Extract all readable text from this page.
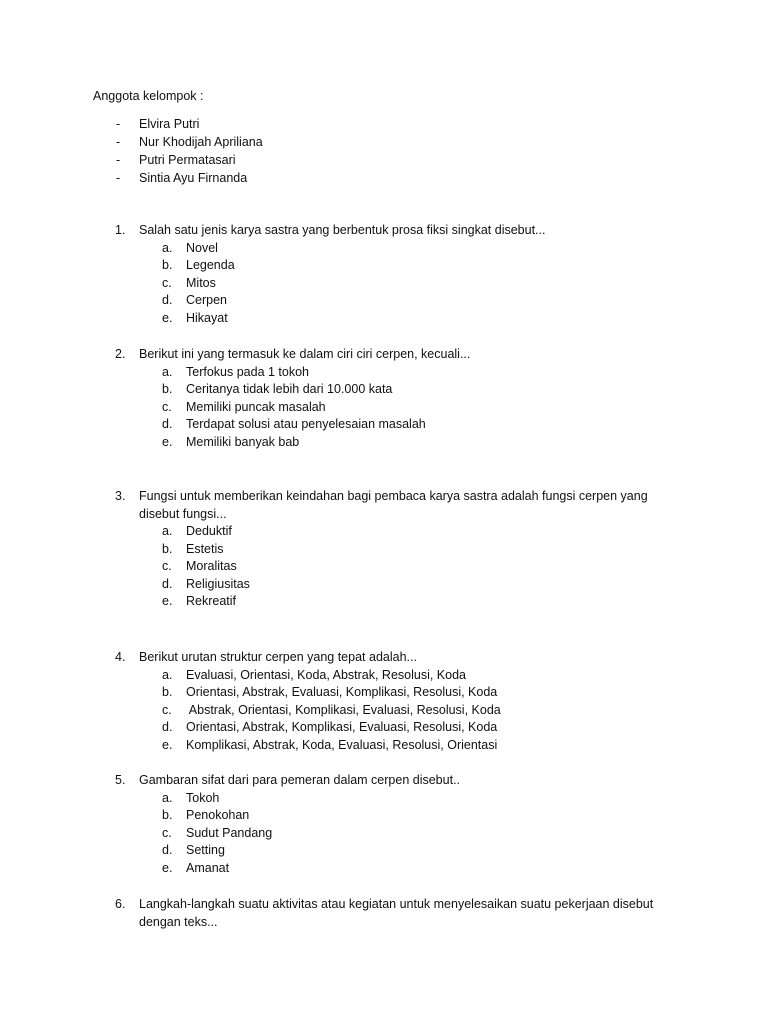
Anggota kelompok :
- Elvira Putri
- Nur Khodijah Apriliana
- Putri Permatasari
- Sintia Ayu Firnanda
1. Salah satu jenis karya sastra yang berbentuk prosa fiksi singkat disebut...
a. Novel
b. Legenda
c. Mitos
d. Cerpen
e. Hikayat
2. Berikut ini yang termasuk ke dalam ciri ciri cerpen, kecuali...
a. Terfokus pada 1 tokoh
b. Ceritanya tidak lebih dari 10.000 kata
c. Memiliki puncak masalah
d. Terdapat solusi atau penyelesaian masalah
e. Memiliki banyak bab
3. Fungsi untuk memberikan keindahan bagi pembaca karya sastra adalah fungsi cerpen yang
disebut fungsi...
a. Deduktif
b. Estetis
c. Moralitas
d. Religiusitas
e. Rekreatif
4. Berikut urutan struktur cerpen yang tepat adalah...
a. Evaluasi, Orientasi, Koda, Abstrak, Resolusi, Koda
b. Orientasi, Abstrak, Evaluasi, Komplikasi, Resolusi, Koda
c. Abstrak, Orientasi, Komplikasi, Evaluasi, Resolusi, Koda
d. Orientasi, Abstrak, Komplikasi, Evaluasi, Resolusi, Koda
e. Komplikasi, Abstrak, Koda, Evaluasi, Resolusi, Orientasi
5. Gambaran sifat dari para pemeran dalam cerpen disebut..
a. Tokoh
b. Penokohan
c. Sudut Pandang
d. Setting
e. Amanat
6. Langkah-langkah suatu aktivitas atau kegiatan untuk menyelesaikan suatu pekerjaan disebut
dengan teks...
